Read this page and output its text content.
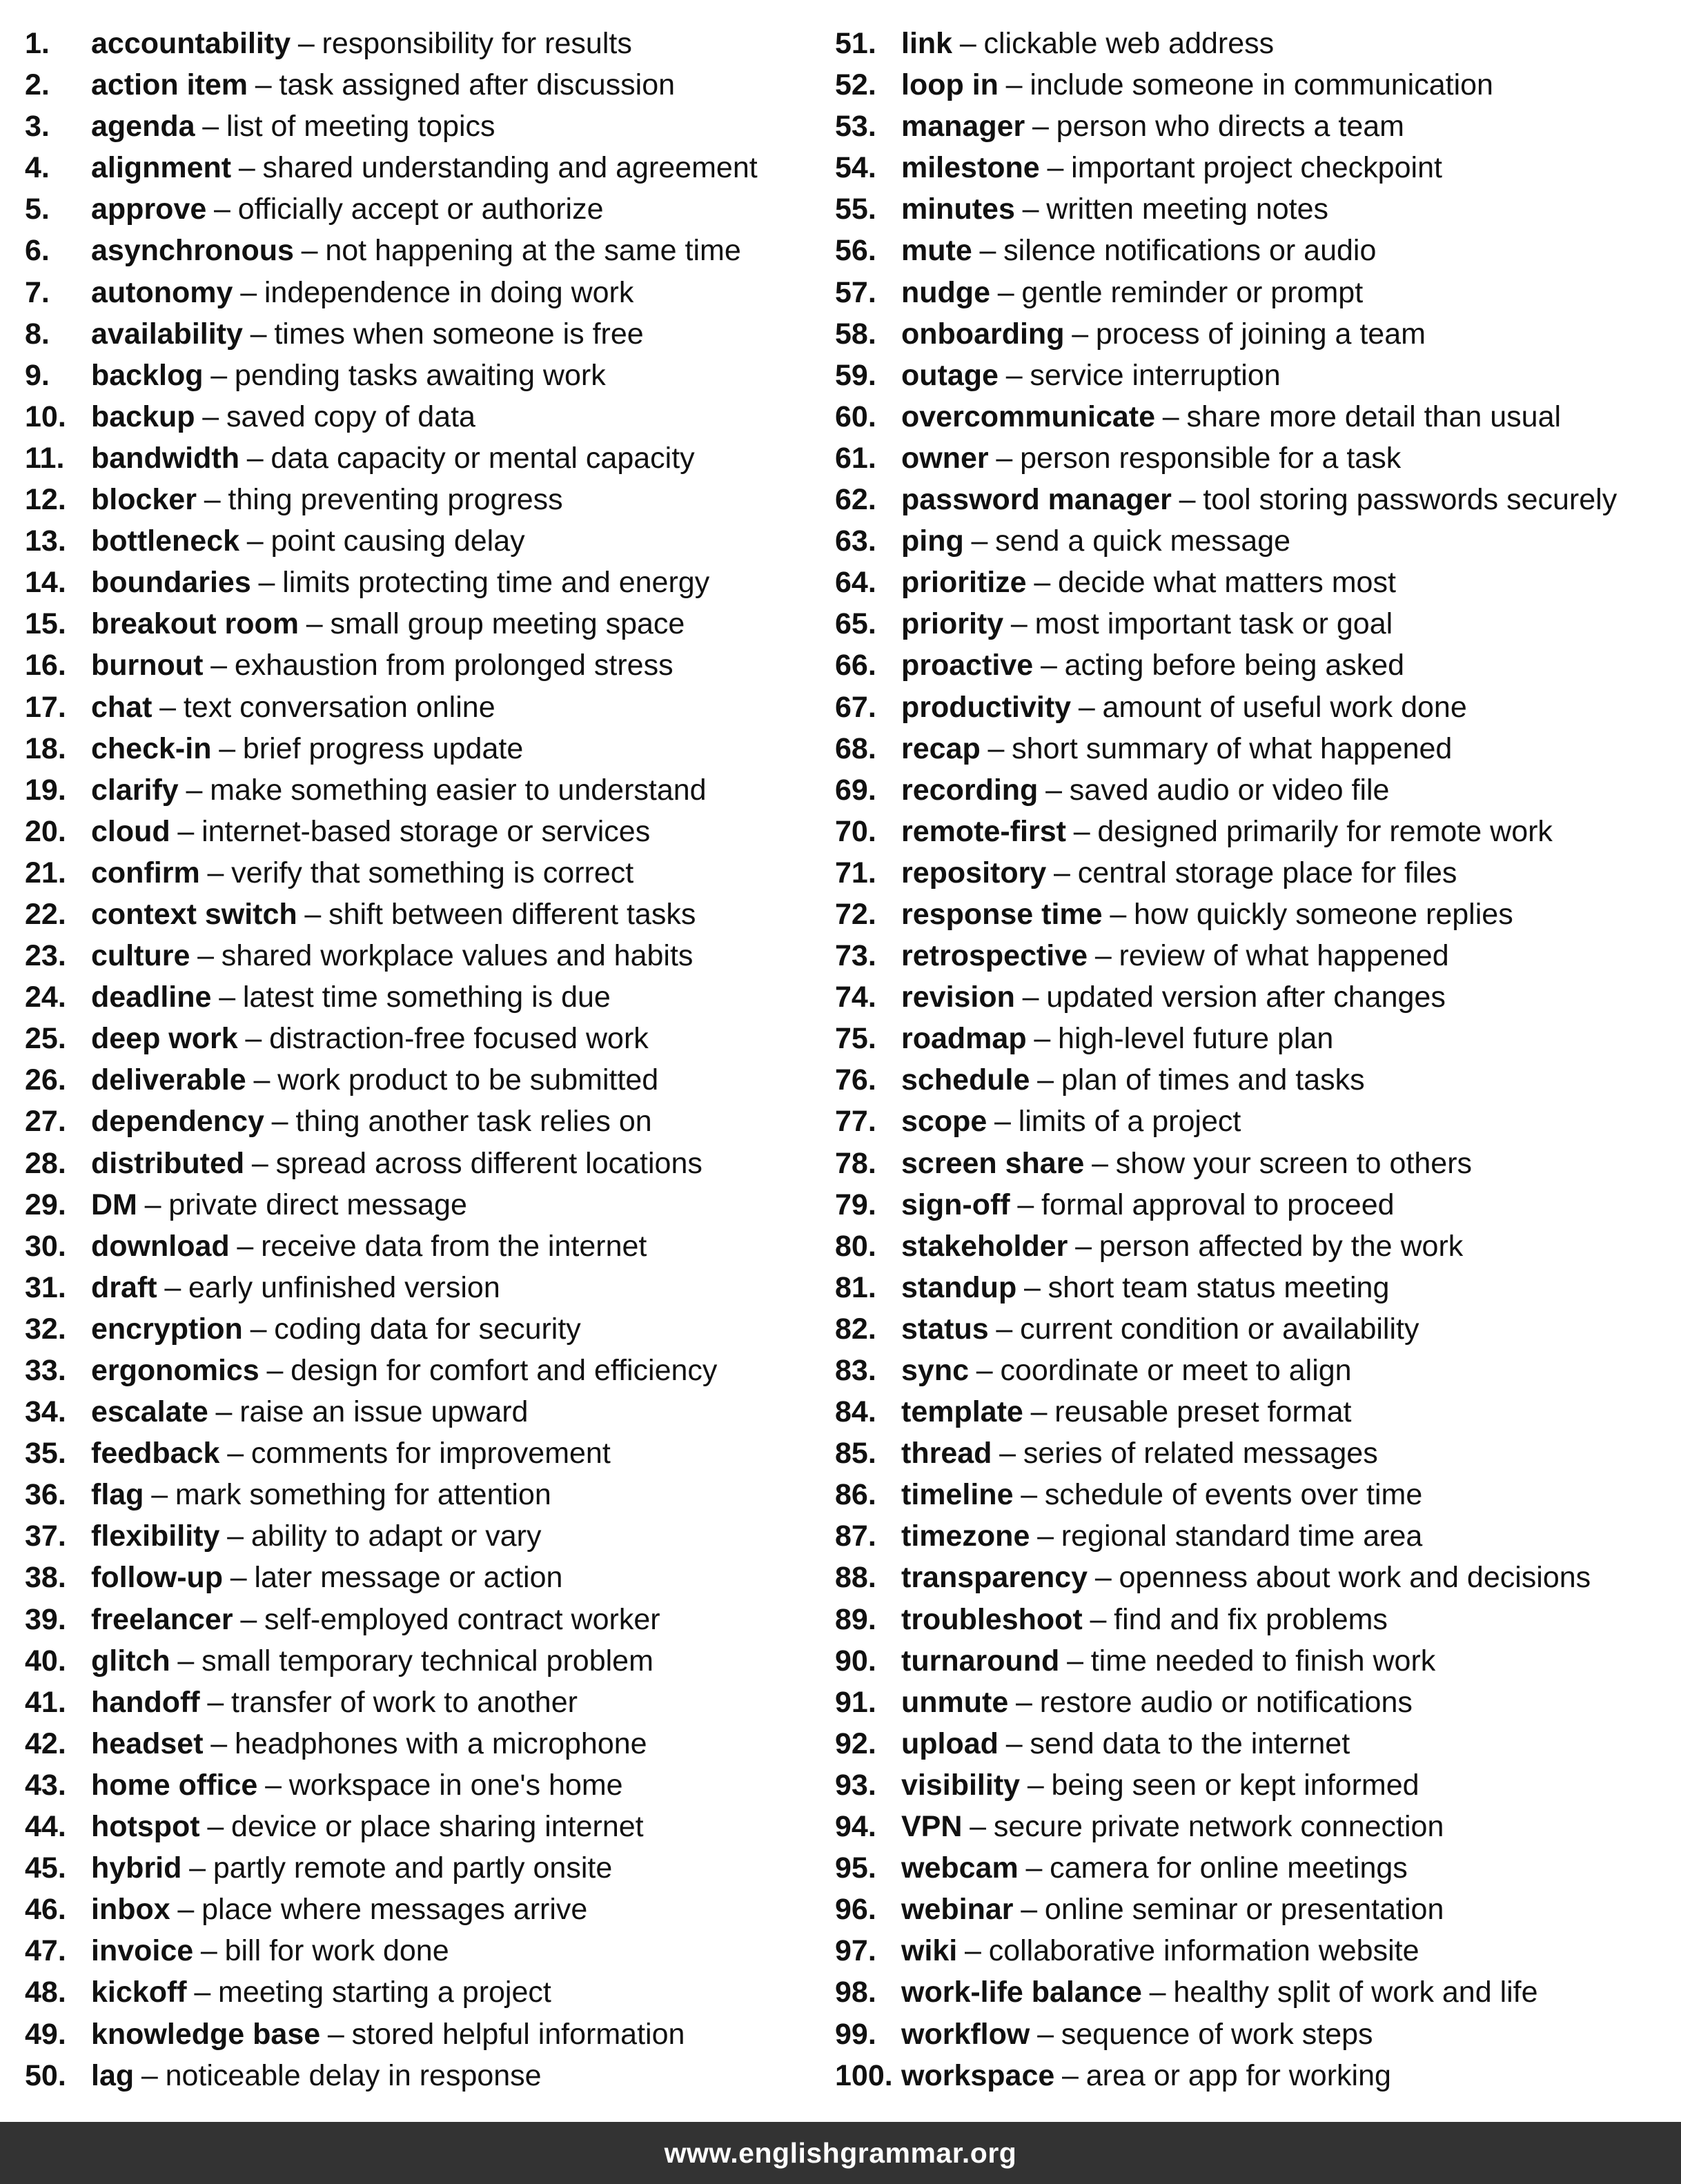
1.	accountability – responsibility for results
2.	action item – task assigned after discussion
3.	agenda – list of meeting topics
4.	alignment – shared understanding and agreement
5.	approve – officially accept or authorize
6.	asynchronous – not happening at the same time
7.	autonomy – independence in doing work
8.	availability – times when someone is free
9.	backlog – pending tasks awaiting work
10. backup – saved copy of data
11. bandwidth – data capacity or mental capacity
12. blocker – thing preventing progress
13. bottleneck – point causing delay
14. boundaries – limits protecting time and energy
15. breakout room – small group meeting space
16. burnout – exhaustion from prolonged stress
17. chat – text conversation online
18. check-in – brief progress update
19. clarify – make something easier to understand
20. cloud – internet-based storage or services
21. confirm – verify that something is correct
22. context switch – shift between different tasks
23. culture – shared workplace values and habits
24. deadline – latest time something is due
25. deep work – distraction-free focused work
26. deliverable – work product to be submitted
27. dependency – thing another task relies on
28. distributed – spread across different locations
29. DM – private direct message
30. download – receive data from the internet
31. draft – early unfinished version
32. encryption – coding data for security
33. ergonomics – design for comfort and efficiency
34. escalate – raise an issue upward
35. feedback – comments for improvement
36. flag – mark something for attention
37. flexibility – ability to adapt or vary
38. follow-up – later message or action
39. freelancer – self-employed contract worker
40. glitch – small temporary technical problem
41. handoff – transfer of work to another
42. headset – headphones with a microphone
43. home office – workspace in one's home
44. hotspot – device or place sharing internet
45. hybrid – partly remote and partly onsite
46. inbox – place where messages arrive
47. invoice – bill for work done
48. kickoff – meeting starting a project
49. knowledge base – stored helpful information
50. lag – noticeable delay in response
51. link – clickable web address
52. loop in – include someone in communication
53. manager – person who directs a team
54. milestone – important project checkpoint
55. minutes – written meeting notes
56. mute – silence notifications or audio
57. nudge – gentle reminder or prompt
58. onboarding – process of joining a team
59. outage – service interruption
60. overcommunicate – share more detail than usual
61. owner – person responsible for a task
62. password manager – tool storing passwords securely
63. ping – send a quick message
64. prioritize – decide what matters most
65. priority – most important task or goal
66. proactive – acting before being asked
67. productivity – amount of useful work done
68. recap – short summary of what happened
69. recording – saved audio or video file
70. remote-first – designed primarily for remote work
71. repository – central storage place for files
72. response time – how quickly someone replies
73. retrospective – review of what happened
74. revision – updated version after changes
75. roadmap – high-level future plan
76. schedule – plan of times and tasks
77. scope – limits of a project
78. screen share – show your screen to others
79. sign-off – formal approval to proceed
80. stakeholder – person affected by the work
81. standup – short team status meeting
82. status – current condition or availability
83. sync – coordinate or meet to align
84. template – reusable preset format
85. thread – series of related messages
86. timeline – schedule of events over time
87. timezone – regional standard time area
88. transparency – openness about work and decisions
89. troubleshoot – find and fix problems
90. turnaround – time needed to finish work
91. unmute – restore audio or notifications
92. upload – send data to the internet
93. visibility – being seen or kept informed
94. VPN – secure private network connection
95. webcam – camera for online meetings
96. webinar – online seminar or presentation
97. wiki – collaborative information website
98. work-life balance – healthy split of work and life
99. workflow – sequence of work steps
100. workspace – area or app for working
www.englishgrammar.org
